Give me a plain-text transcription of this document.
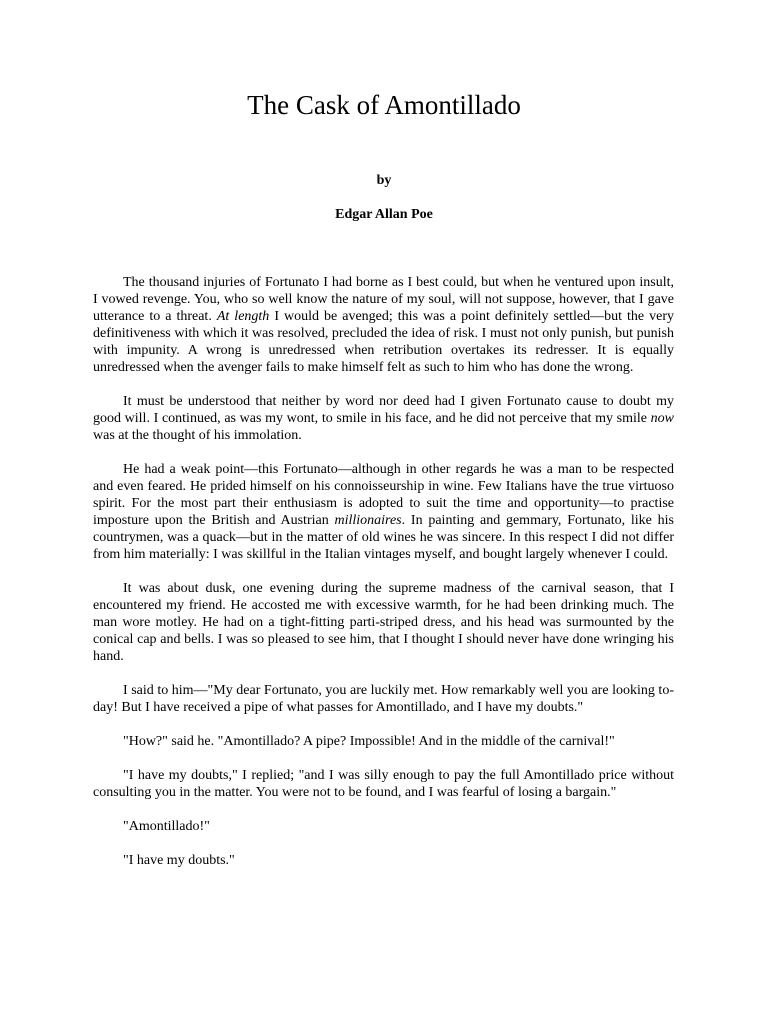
The Cask of Amontillado
by
Edgar Allan Poe

The thousand injuries of Fortunato I had borne as I best could, but when he ventured upon insult, I vowed revenge. You, who so well know the nature of my soul, will not suppose, however, that I gave utterance to a threat. At length I would be avenged; this was a point definitely settled—but the very definitiveness with which it was resolved, precluded the idea of risk. I must not only punish, but punish with impunity. A wrong is unredressed when retribution overtakes its redresser. It is equally unredressed when the avenger fails to make himself felt as such to him who has done the wrong.

It must be understood that neither by word nor deed had I given Fortunato cause to doubt my good will. I continued, as was my wont, to smile in his face, and he did not perceive that my smile now was at the thought of his immolation.

He had a weak point—this Fortunato—although in other regards he was a man to be respected and even feared. He prided himself on his connoisseurship in wine. Few Italians have the true virtuoso spirit. For the most part their enthusiasm is adopted to suit the time and opportunity—to practise imposture upon the British and Austrian millionaires. In painting and gemmary, Fortunato, like his countrymen, was a quack—but in the matter of old wines he was sincere. In this respect I did not differ from him materially: I was skillful in the Italian vintages myself, and bought largely whenever I could.

It was about dusk, one evening during the supreme madness of the carnival season, that I encountered my friend. He accosted me with excessive warmth, for he had been drinking much. The man wore motley. He had on a tight-fitting parti-striped dress, and his head was surmounted by the conical cap and bells. I was so pleased to see him, that I thought I should never have done wringing his hand.

I said to him—"My dear Fortunato, you are luckily met. How remarkably well you are looking to-day! But I have received a pipe of what passes for Amontillado, and I have my doubts."

"How?" said he. "Amontillado? A pipe? Impossible! And in the middle of the carnival!"

"I have my doubts," I replied; "and I was silly enough to pay the full Amontillado price without consulting you in the matter. You were not to be found, and I was fearful of losing a bargain."

"Amontillado!"

"I have my doubts."
